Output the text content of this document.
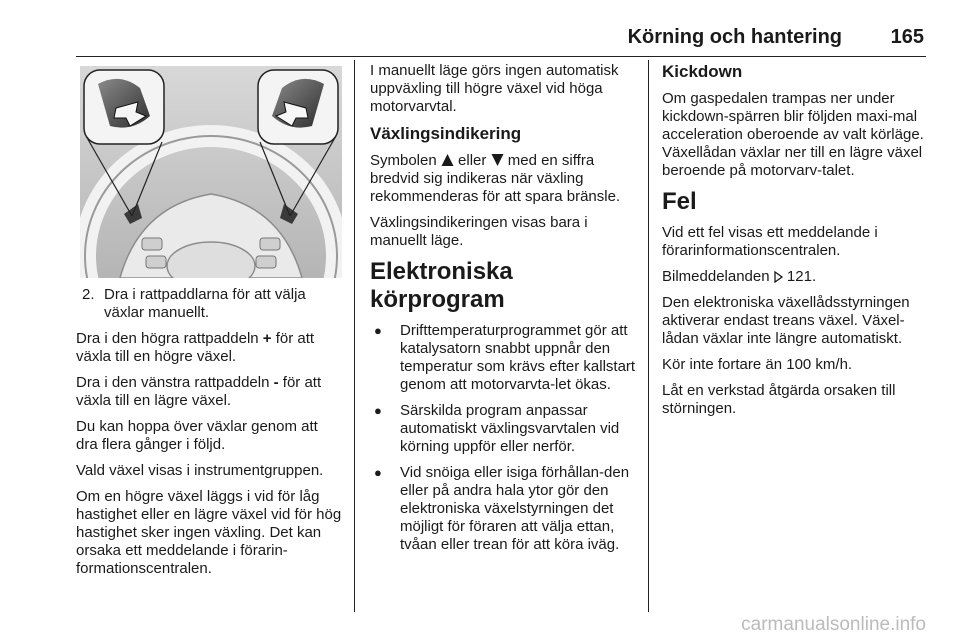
Körning och hantering 165
2. Dra i rattpaddlarna för att välja växlar manuellt.

Dra i den högra rattpaddeln + för att växla till en högre växel.

Dra i den vänstra rattpaddeln - för att växla till en lägre växel.

Du kan hoppa över växlar genom att dra flera gånger i följd.

Vald växel visas i instrumentgruppen.

Om en högre växel läggs i vid för låg hastighet eller en lägre växel vid för hög hastighet sker ingen växling. Det kan orsaka ett meddelande i förarin-formationscentralen.

I manuellt läge görs ingen automatisk uppväxling till högre växel vid höga motorvarvtal.

Växlingsindikering

Symbolen  eller  med en siffra bredvid sig indikeras när växling rekommenderas för att spara bränsle.

Växlingsindikeringen visas bara i manuellt läge.

Elektroniska körprogram
●	Drifttemperaturprogrammet gör att katalysatorn snabbt uppnår den temperatur som krävs efter kallstart genom att motorvarvta-let ökas.
●	Särskilda program anpassar automatiskt växlingsvarvtalen vid körning uppför eller nerför.
●	Vid snöiga eller isiga förhållan-den eller på andra hala ytor gör den elektroniska växelstyrningen det möjligt för föraren att välja ettan, tvåan eller trean för att köra iväg.
Kickdown

Om gaspedalen trampas ner under kickdown-spärren blir följden maxi-mal acceleration oberoende av valt körläge. Växellådan växlar ner till en lägre växel beroende på motorvarv-talet.

Fel

Vid ett fel visas ett meddelande i förarinformationscentralen.

Bilmeddelanden  121.

Den elektroniska växellådsstyrningen aktiverar endast treans växel. Växel-lådan växlar inte längre automatiskt.

Kör inte fortare än 100 km/h.

Låt en verkstad åtgärda orsaken till störningen.

carmanualsonline.info
